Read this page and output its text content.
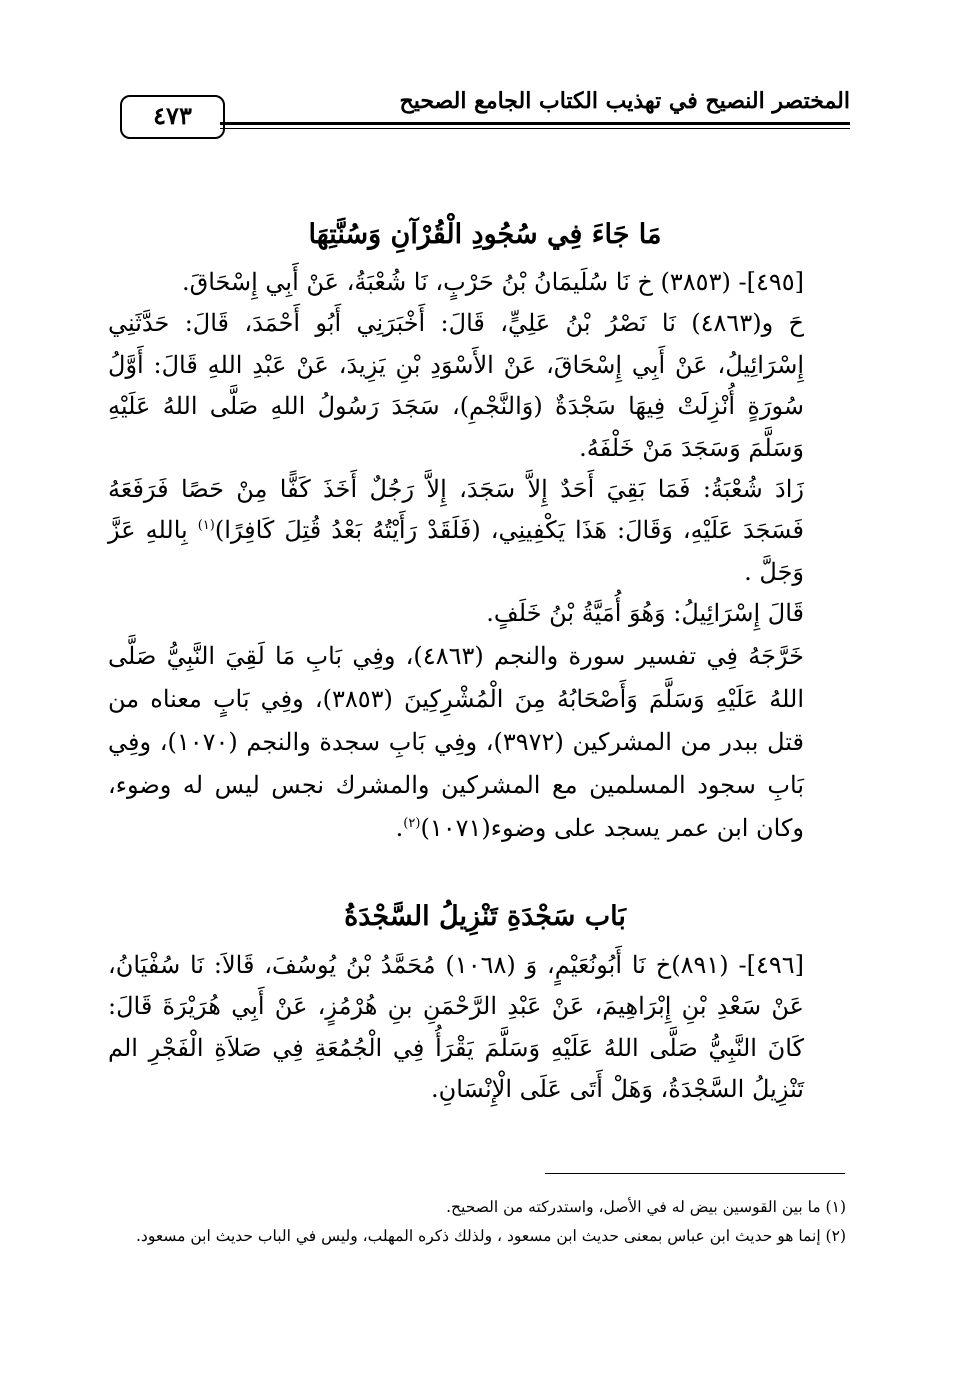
المختصر النصيح في تهذيب الكتاب الجامع الصحيح
٤٧٣
مَا جَاءَ فِي سُجُودِ الْقُرْآنِ وَسُنَّتِهَا

[٤٩٥]- (٣٨٥٣) خ نَا سُلَيمَانُ بْنُ حَرْبٍ، نَا شُعْبَةُ، عَنْ أَبِي إِسْحَاقَ.

حَ و(٤٨٦٣) نَا نَصْرُ بْنُ عَلِيٍّ، قَالَ: أَخْبَرَنِي أَبُو أَحْمَدَ، قَالَ: حَدَّثَنِي إِسْرَائِيلُ، عَنْ أَبِي إِسْحَاقَ، عَنْ الأَسْوَدِ بْنِ يَزِيدَ، عَنْ عَبْدِ اللهِ قَالَ: أَوَّلُ سُورَةٍ أُنْزِلَتْ فِيهَا سَجْدَةٌ (وَالنَّجْمِ)، سَجَدَ رَسُولُ اللهِ صَلَّى اللهُ عَلَيْهِ وَسَلَّمَ وَسَجَدَ مَنْ خَلْفَهُ.

زَادَ شُعْبَةُ: فَمَا بَقِيَ أَحَدٌ إِلاَّ سَجَدَ، إِلاَّ رَجُلٌ أَخَذَ كَفًّا مِنْ حَصًا فَرَفَعَهُ فَسَجَدَ عَلَيْهِ، وَقَالَ: هَذَا يَكْفِينِي، (فَلَقَدْ رَأَيْتُهُ بَعْدُ قُتِلَ كَافِرًا)$^{(١)}$ بِاللهِ عَزَّ وَجَلَّ .

قَالَ إِسْرَائِيلُ: وَهُوَ أُمَيَّةُ بْنُ خَلَفٍ.

خَرَّجَهُ فِي تفسير سورة والنجم (٤٨٦٣)، وفِي بَابِ مَا لَقِيَ النَّبِيُّ صَلَّى اللهُ عَلَيْهِ وَسَلَّمَ وَأَصْحَابُهُ مِنَ الْمُشْرِكِينَ (٣٨٥٣)، وفِي بَابٍ معناه من قتل ببدر من المشركين (٣٩٧٢)، وفِي بَابِ سجدة والنجم (١٠٧٠)، وفِي بَابِ سجود المسلمين مع المشركين والمشرك نجس ليس له وضوء، وكان ابن عمر يسجد على وضوء(١٠٧١)$^{(٢)}$.

بَاب سَجْدَةِ تَنْزِيلُ السَّجْدَةُ

[٤٩٦]- (٨٩١)خ نَا أَبُونُعَيْمٍ، وَ (١٠٦٨) مُحَمَّدُ بْنُ يُوسُفَ، قَالاَ: نَا سُفْيَانُ، عَنْ سَعْدِ بْنِ إِبْرَاهِيمَ، عَنْ عَبْدِ الرَّحْمَنِ بنِ هُرْمُزٍ، عَنْ أَبِي هُرَيْرَةَ قَالَ: كَانَ النَّبِيُّ صَلَّى اللهُ عَلَيْهِ وَسَلَّمَ يَقْرَأُ فِي الْجُمُعَةِ فِي صَلاَةِ الْفَجْرِ الم تَنْزِيلُ السَّجْدَةُ، وَهَلْ أَتَى عَلَى الْإِنْسَانِ.

(١) ما بين القوسين بيض له في الأصل، واستدركته من الصحيح.

(٢) إنما هو حديث ابن عباس بمعنى حديث ابن مسعود ، ولذلك ذكره المهلب، وليس في الباب حديث ابن مسعود.
